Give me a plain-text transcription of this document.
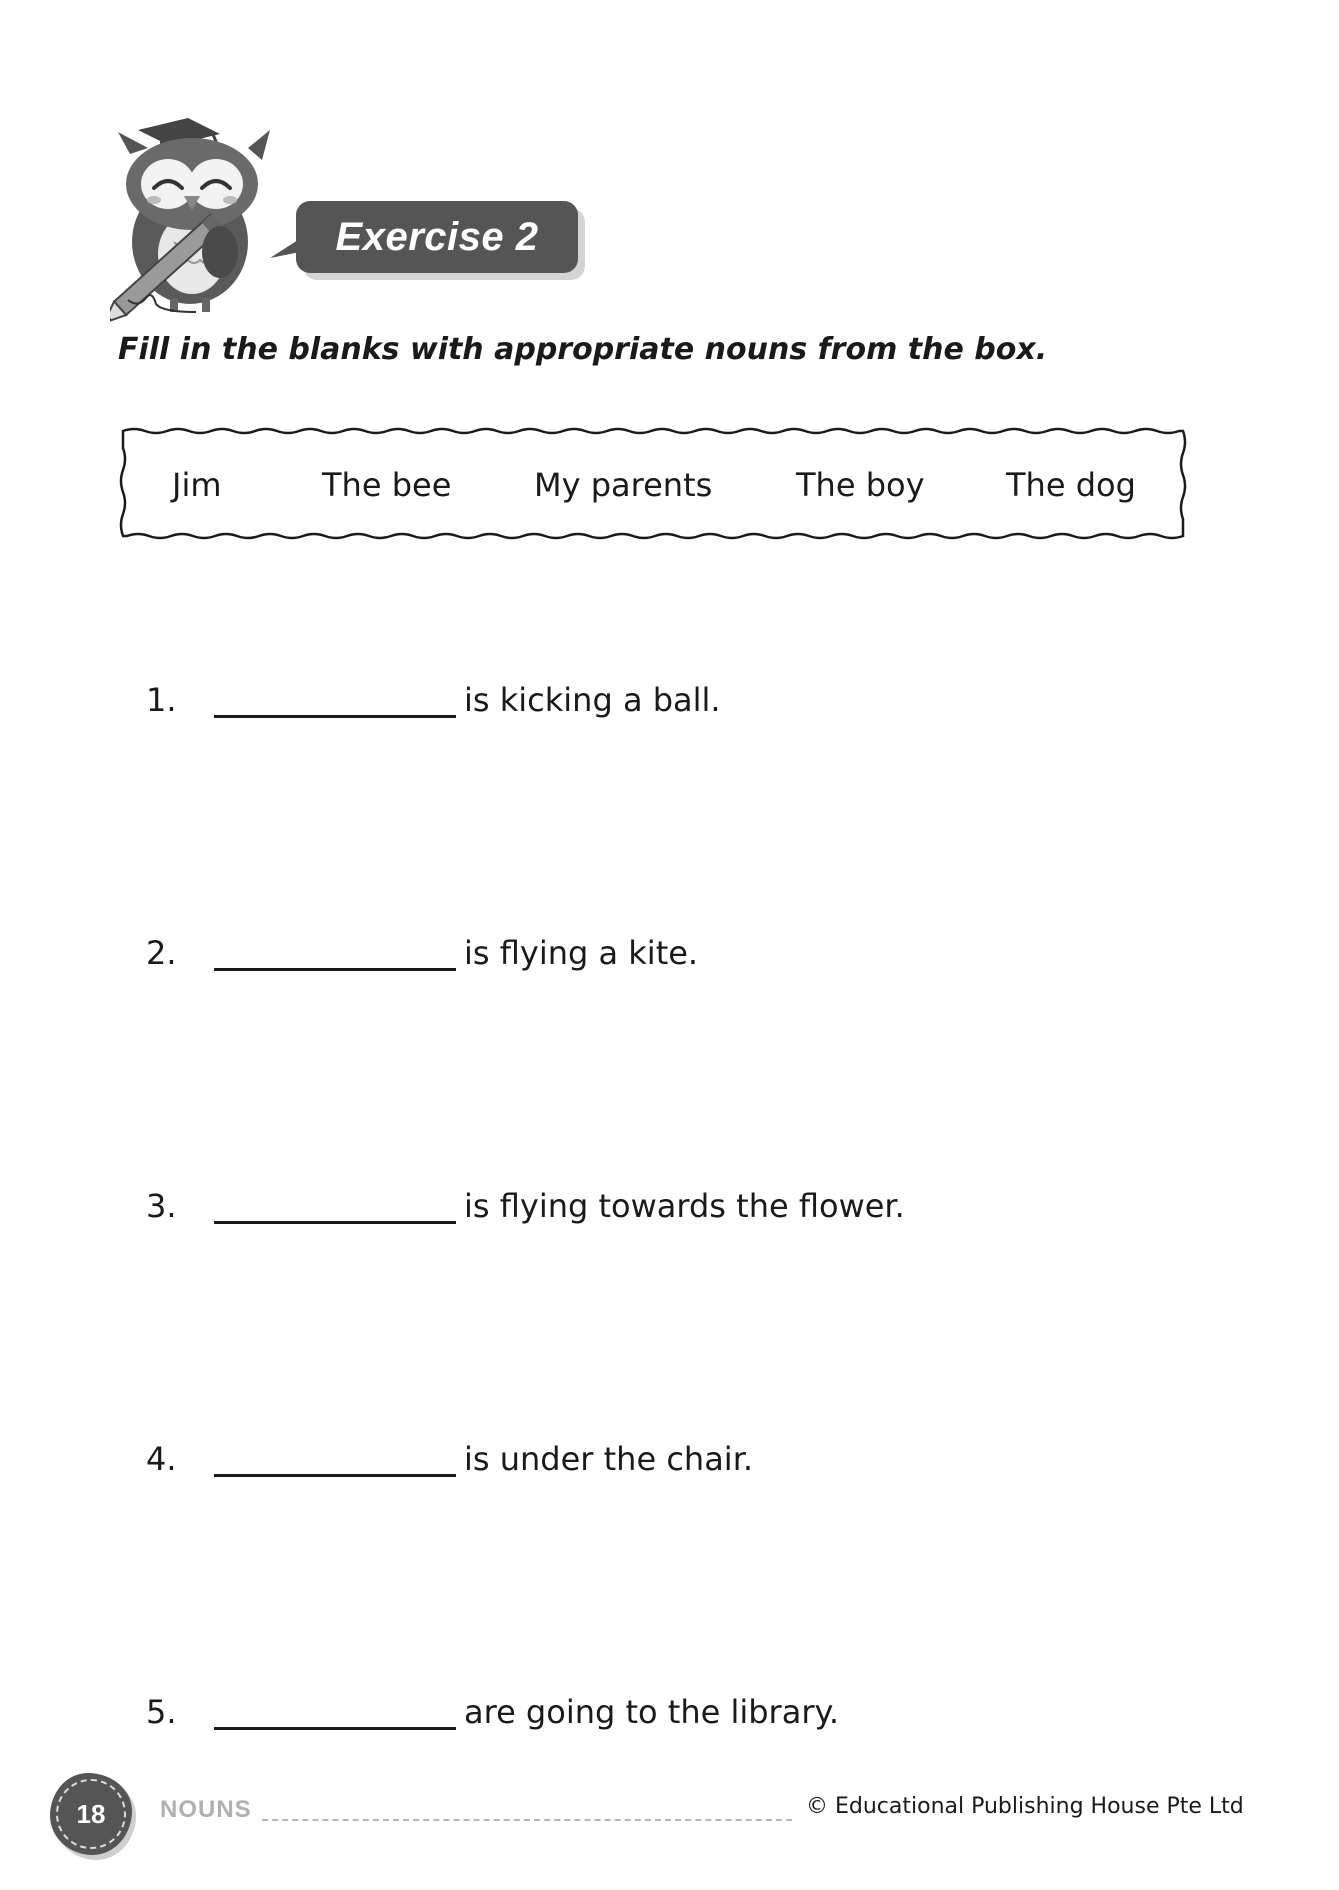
Exercise 2
Fill in the blanks with appropriate nouns from the box.
Jim	The bee	My parents	The boy	The dog
1.	is kicking a ball.
2.	is flying a kite.
3.	is flying towards the flower.
4.	is under the chair.
5.	are going to the library.
18	NOUNS	© Educational Publishing House Pte Ltd
